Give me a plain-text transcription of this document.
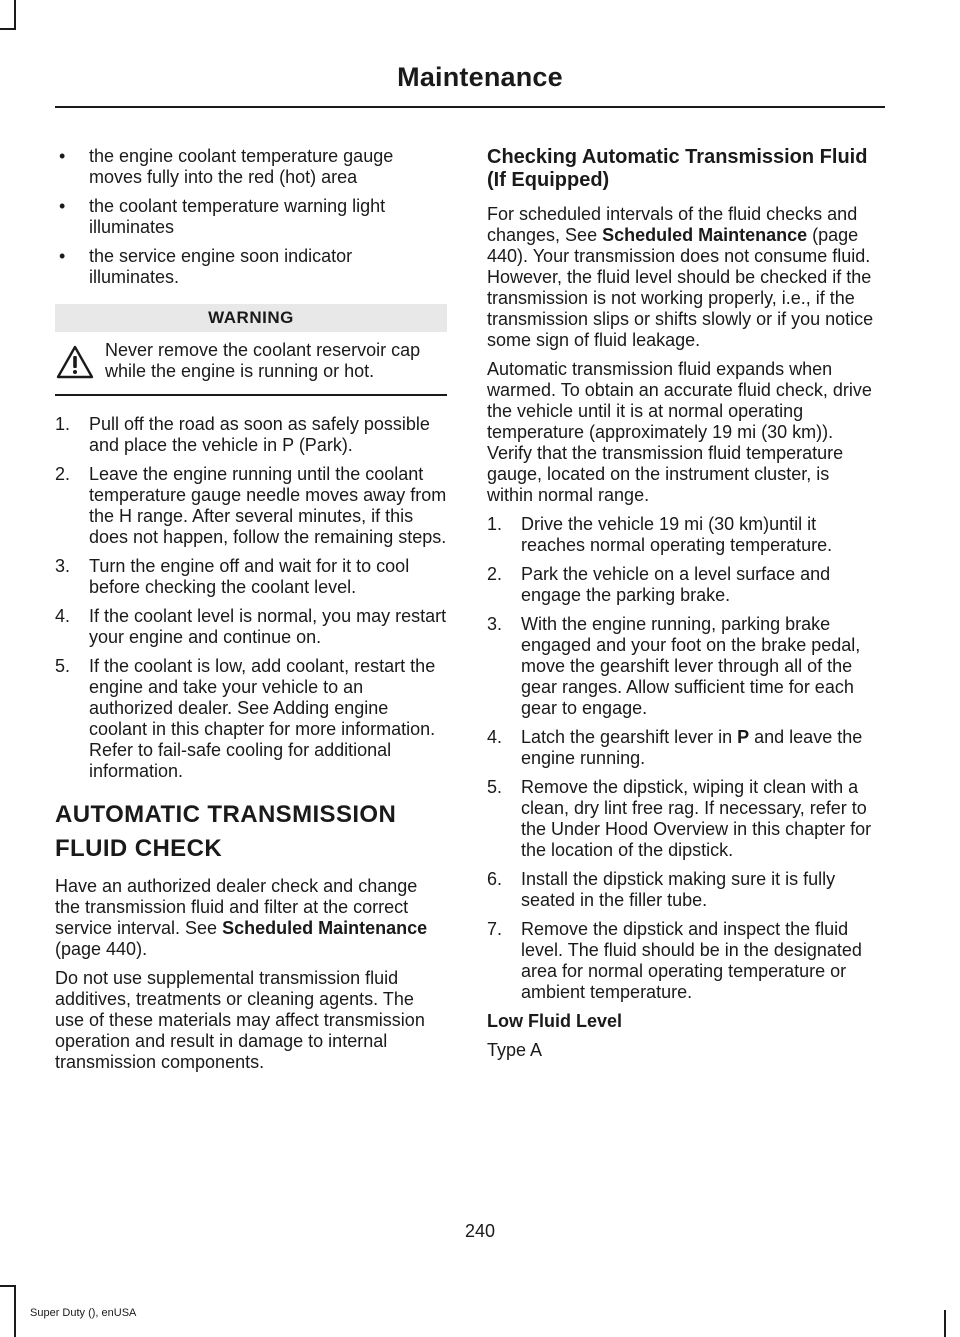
Maintenance
• the engine coolant temperature gauge moves fully into the red (hot) area
• the coolant temperature warning light illuminates
• the service engine soon indicator illuminates.
WARNING
Never remove the coolant reservoir cap while the engine is running or hot.
1. Pull off the road as soon as safely possible and place the vehicle in P (Park).
2. Leave the engine running until the coolant temperature gauge needle moves away from the H range. After several minutes, if this does not happen, follow the remaining steps.
3. Turn the engine off and wait for it to cool before checking the coolant level.
4. If the coolant level is normal, you may restart your engine and continue on.
5. If the coolant is low, add coolant, restart the engine and take your vehicle to an authorized dealer. See Adding engine coolant in this chapter for more information. Refer to fail-safe cooling for additional information.
AUTOMATIC TRANSMISSION
FLUID CHECK

Have an authorized dealer check and change the transmission fluid and filter at the correct service interval. See Scheduled Maintenance (page 440).

Do not use supplemental transmission fluid additives, treatments or cleaning agents. The use of these materials may affect transmission operation and result in damage to internal transmission components.

Checking Automatic Transmission Fluid (If Equipped)

For scheduled intervals of the fluid checks and changes, See Scheduled Maintenance (page 440). Your transmission does not consume fluid. However, the fluid level should be checked if the transmission is not working properly, i.e., if the transmission slips or shifts slowly or if you notice some sign of fluid leakage.

Automatic transmission fluid expands when warmed. To obtain an accurate fluid check, drive the vehicle until it is at normal operating temperature (approximately 19 mi (30 km)). Verify that the transmission fluid temperature gauge, located on the instrument cluster, is within normal range.

1. Drive the vehicle 19 mi (30 km)until it reaches normal operating temperature.
2. Park the vehicle on a level surface and engage the parking brake.
3. With the engine running, parking brake engaged and your foot on the brake pedal, move the gearshift lever through all of the gear ranges. Allow sufficient time for each gear to engage.
4. Latch the gearshift lever in P and leave the engine running.
5. Remove the dipstick, wiping it clean with a clean, dry lint free rag. If necessary, refer to the Under Hood Overview in this chapter for the location of the dipstick.
6. Install the dipstick making sure it is fully seated in the filler tube.
7. Remove the dipstick and inspect the fluid level. The fluid should be in the designated area for normal operating temperature or ambient temperature.
Low Fluid Level

Type A

240
Super Duty (), enUSA
